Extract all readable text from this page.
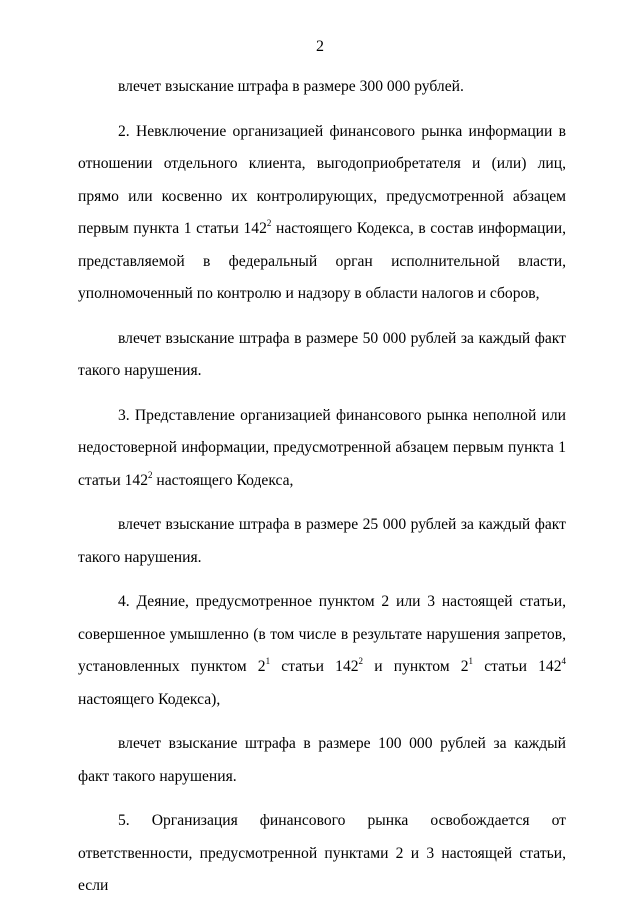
2

влечет взыскание штрафа в размере 300 000 рублей.

2. Невключение организацией финансового рынка информации в отношении отдельного клиента, выгодоприобретателя и (или) лиц, прямо или косвенно их контролирующих, предусмотренной абзацем первым пункта 1 статьи $142^2$ настоящего Кодекса, в состав информации, представляемой в федеральный орган исполнительной власти, уполномоченный по контролю и надзору в области налогов и сборов,

влечет взыскание штрафа в размере 50 000 рублей за каждый факт такого нарушения.

3. Представление организацией финансового рынка неполной или недостоверной информации, предусмотренной абзацем первым пункта 1 статьи $142^2$ настоящего Кодекса,

влечет взыскание штрафа в размере 25 000 рублей за каждый факт такого нарушения.

4. Деяние, предусмотренное пунктом 2 или 3 настоящей статьи, совершенное умышленно (в том числе в результате нарушения запретов, установленных пунктом $2^1$ статьи $142^2$ и пунктом $2^1$ статьи $142^4$ настоящего Кодекса),

влечет взыскание штрафа в размере 100 000 рублей за каждый факт такого нарушения.

5. Организация финансового рынка освобождается от ответственности, предусмотренной пунктами 2 и 3 настоящей статьи, если
